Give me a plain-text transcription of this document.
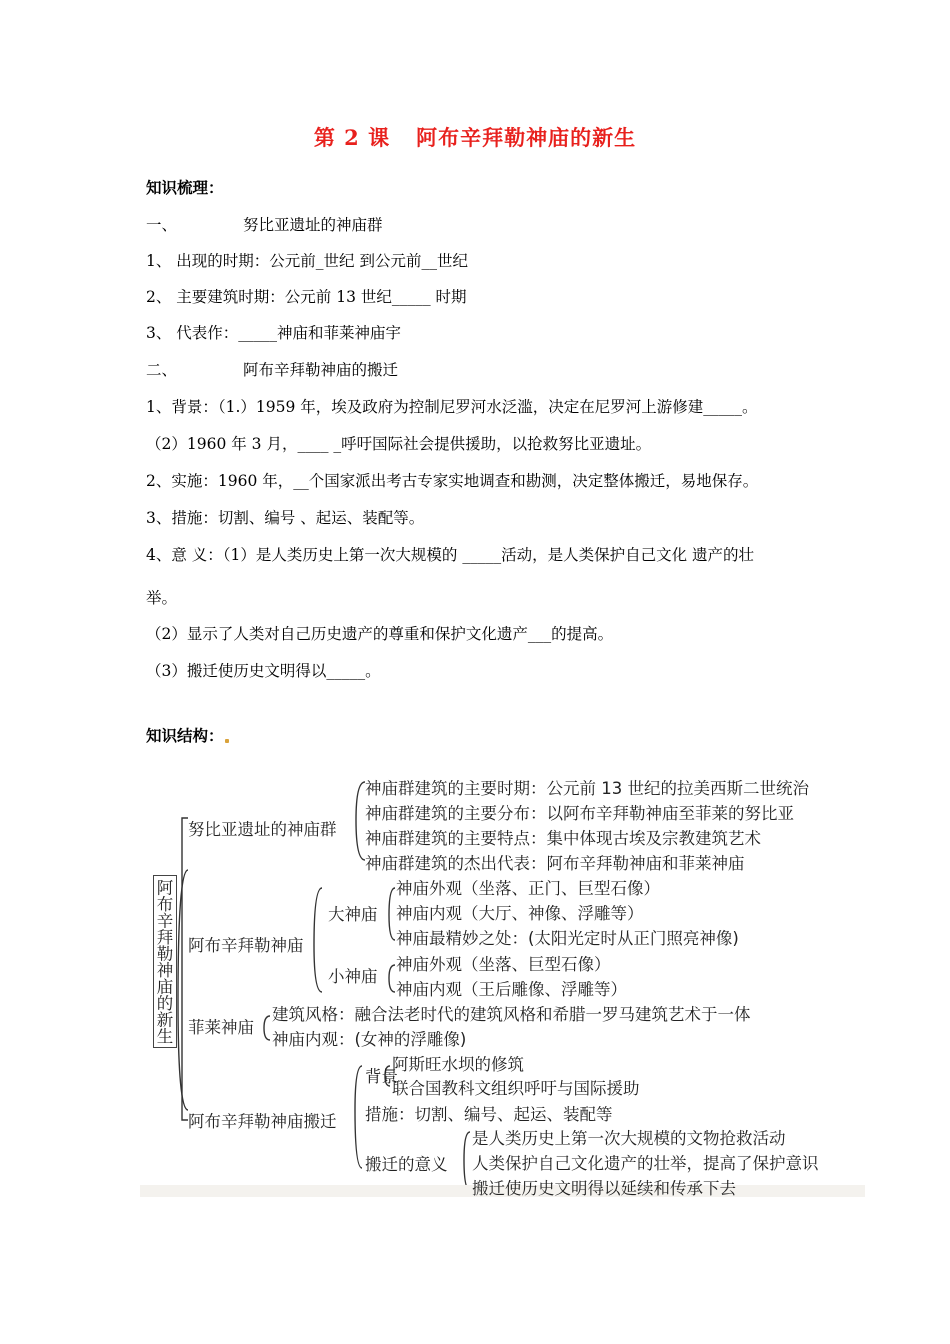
第 2 课 阿布辛拜勒神庙的新生
知识梳理：
一、	努比亚遗址的神庙群
1、 出现的时期：公元前_世纪 到公元前__世纪
2、 主要建筑时期：公元前 13 世纪_____ 时期
3、 代表作：_____神庙和菲莱神庙宇
二、	阿布辛拜勒神庙的搬迁
1、背景：（1.）1959 年，埃及政府为控制尼罗河水泛滥，决定在尼罗河上游修建_____。
（2）1960 年 3 月，____ _呼吁国际社会提供援助，以抢救努比亚遗址。
2、实施：1960 年，__个国家派出考古专家实地调查和勘测，决定整体搬迁，易地保存。
3、措施：切割、编号 、起运、装配等。
4、意 义：（1）是人类历史上第一次大规模的 _____活动，是人类保护自己文化 遗产的壮
举。
（2）显示了人类对自己历史遗产的尊重和保护文化遗产___的提高。
（3）搬迁使历史文明得以_____。
知识结构：
阿布辛拜勒神庙的新生
努比亚遗址的神庙群
神庙群建筑的主要时期：公元前 13 世纪的拉美西斯二世统治
神庙群建筑的主要分布：以阿布辛拜勒神庙至菲莱的努比亚
神庙群建筑的主要特点：集中体现古埃及宗教建筑艺术
神庙群建筑的杰出代表：阿布辛拜勒神庙和菲莱神庙
阿布辛拜勒神庙
大神庙
神庙外观（坐落、正门、巨型石像）
神庙内观（大厅、神像、浮雕等）
神庙最精妙之处：(太阳光定时从正门照亮神像)
小神庙
神庙外观（坐落、巨型石像）
神庙内观（王后雕像、浮雕等）
菲莱神庙
建筑风格：融合法老时代的建筑风格和希腊一罗马建筑艺术于一体
神庙内观：(女神的浮雕像)
阿布辛拜勒神庙搬迁
背景
阿斯旺水坝的修筑
联合国教科文组织呼吁与国际援助
措施：切割、编号、起运、装配等
搬迁的意义
是人类历史上第一次大规模的文物抢救活动
人类保护自己文化遗产的壮举，提高了保护意识
搬迁使历史文明得以延续和传承下去
